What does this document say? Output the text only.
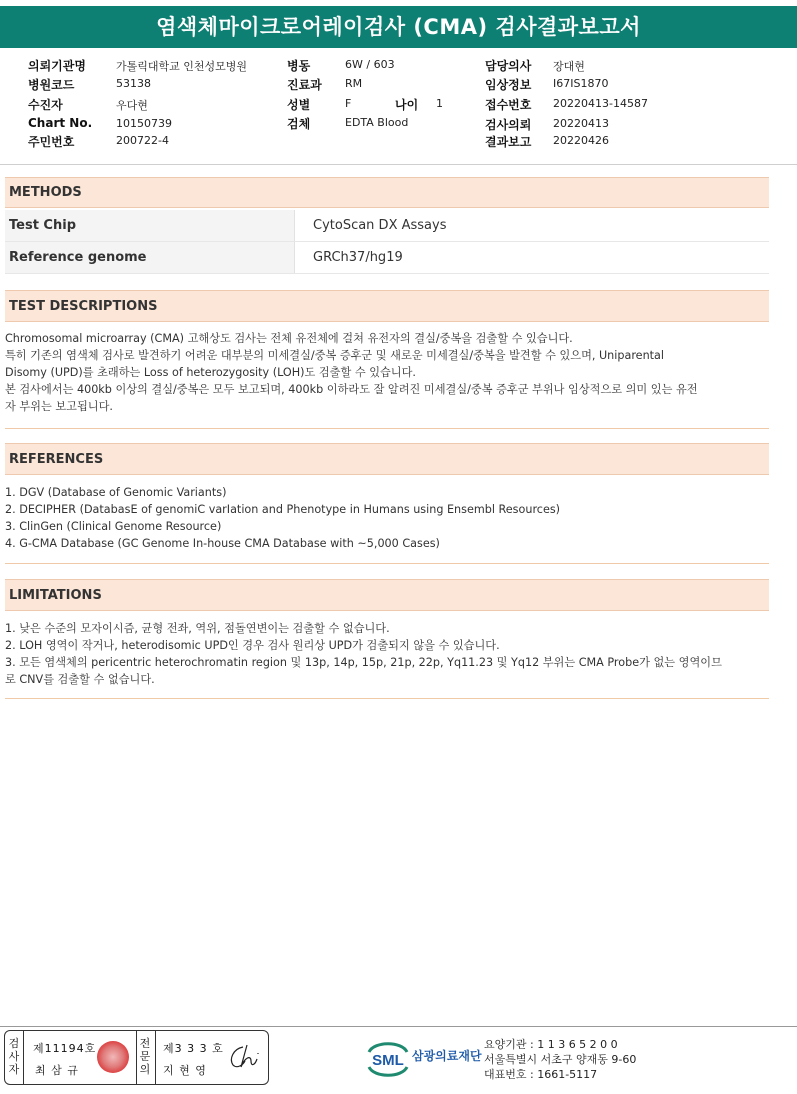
염색체마이크로어레이검사 (CMA) 검사결과보고서
의뢰기관명	가톨릭대학교 인천성모병원
병원코드	53138
수진자	우다현
Chart No. 10150739
주민번호	200722-4
병동	6W / 603
진료과 RM
성별	F	나이 1
검체	EDTA Blood
담당의사 장대현
임상정보 I67IS1870
접수번호 20220413-14587
검사의뢰 20220413
결과보고 20220426
METHODS
Test Chip	CytoScan DX Assays
Reference genome	GRCh37/hg19
TEST DESCRIPTIONS
Chromosomal microarray (CMA) 고해상도 검사는 전체 유전체에 걸쳐 유전자의 결실/중복을 검출할 수 있습니다.
특히 기존의 염색체 검사로 발견하기 어려운 대부분의 미세결실/중복 증후군 및 새로운 미세결실/중복을 발견할 수 있으며, Uniparental
Disomy (UPD)를 초래하는 Loss of heterozygosity (LOH)도 검출할 수 있습니다.
본 검사에서는 400kb 이상의 결실/중복은 모두 보고되며, 400kb 이하라도 잘 알려진 미세결실/중복 증후군 부위나 임상적으로 의미 있는 유전
자 부위는 보고됩니다.
REFERENCES
1. DGV (Database of Genomic Variants)
2. DECIPHER (DatabasE of genomiC varIation and Phenotype in Humans using Ensembl Resources)
3. ClinGen (Clinical Genome Resource)
4. G-CMA Database (GC Genome In-house CMA Database with ~5,000 Cases)
LIMITATIONS
1. 낮은 수준의 모자이시즘, 균형 전좌, 역위, 점돌연변이는 검출할 수 없습니다.
2. LOH 영역이 작거나, heterodisomic UPD인 경우 검사 원리상 UPD가 검출되지 않을 수 있습니다.
3. 모든 염색체의 pericentric heterochromatin region 및 13p, 14p, 15p, 21p, 22p, Yq11.23 및 Yq12 부위는 CMA Probe가 없는 영역이므
로 CNV를 검출할 수 없습니다.
검사자
제11194호
최 삼 규
전문의
제3 3 3 호
지 현 영
SML 삼광의료재단
요양기관 : 1 1 3 6 5 2 0 0
서울특별시 서초구 양재동 9-60
대표번호 : 1661-5117
